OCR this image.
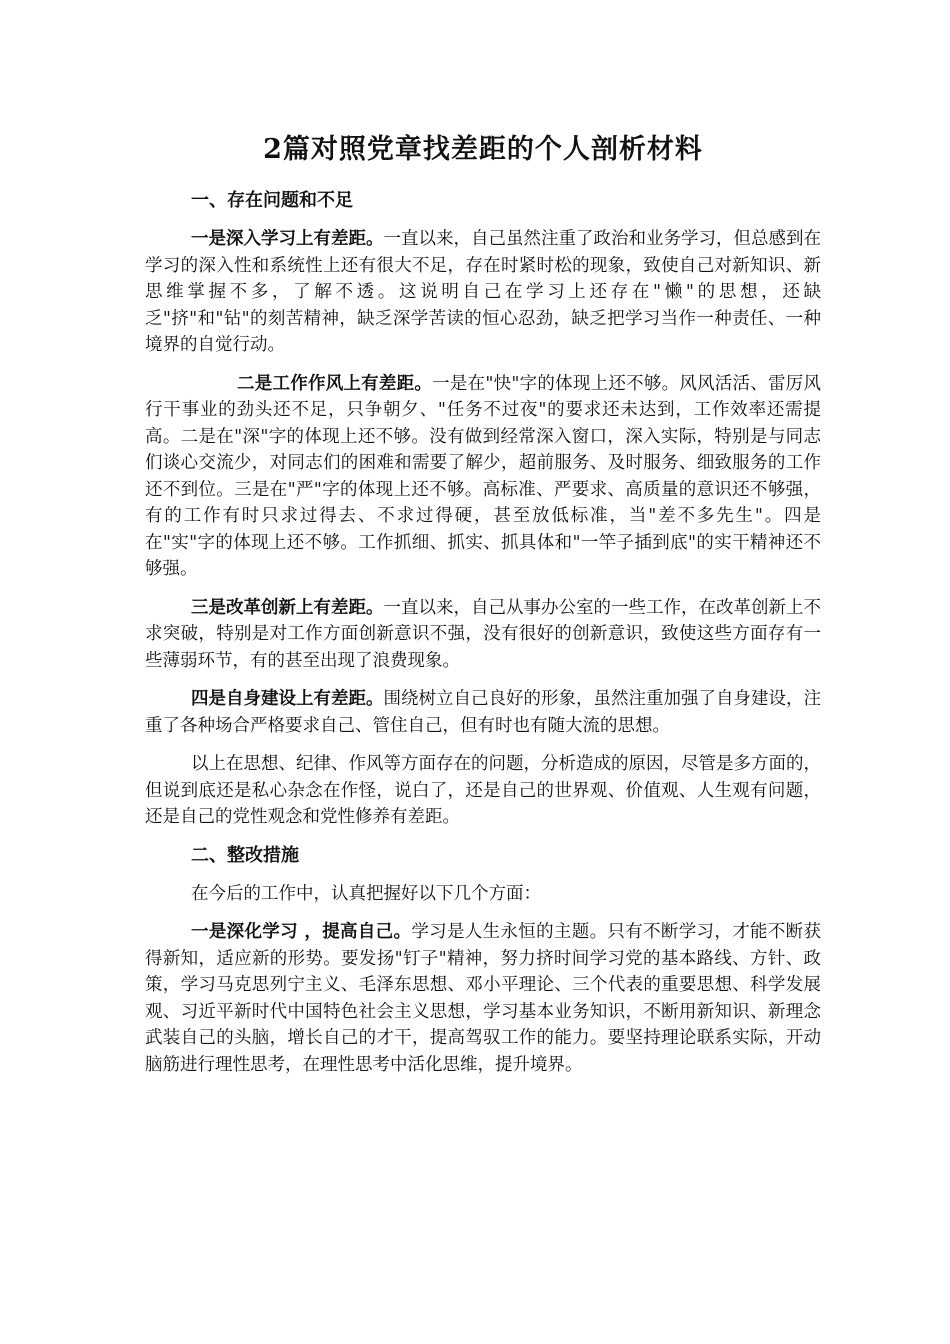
2篇对照党章找差距的个人剖析材料
一、存在问题和不足

一是深入学习上有差距。一直以来，自己虽然注重了政治和业务学习，但总感到在学习的深入性和系统性上还有很大不足，存在时紧时松的现象，致使自己对新知识、新思维掌握不多，了解不透。这说明自己在学习上还存在"懒"的思想，还缺乏"挤"和"钻"的刻苦精神，缺乏深学苦读的恒心忍劲，缺乏把学习当作一种责任、一种境界的自觉行动。

二是工作作风上有差距。一是在"快"字的体现上还不够。风风活活、雷厉风行干事业的劲头还不足，只争朝夕、"任务不过夜"的要求还未达到，工作效率还需提高。二是在"深"字的体现上还不够。没有做到经常深入窗口，深入实际，特别是与同志们谈心交流少，对同志们的困难和需要了解少，超前服务、及时服务、细致服务的工作还不到位。三是在"严"字的体现上还不够。高标准、严要求、高质量的意识还不够强，有的工作有时只求过得去、不求过得硬，甚至放低标准，当"差不多先生"。四是在"实"字的体现上还不够。工作抓细、抓实、抓具体和"一竿子插到底"的实干精神还不够强。

三是改革创新上有差距。一直以来，自己从事办公室的一些工作，在改革创新上不求突破，特别是对工作方面创新意识不强，没有很好的创新意识，致使这些方面存有一些薄弱环节，有的甚至出现了浪费现象。

四是自身建设上有差距。围绕树立自己良好的形象，虽然注重加强了自身建设，注重了各种场合严格要求自己、管住自己，但有时也有随大流的思想。

以上在思想、纪律、作风等方面存在的问题，分析造成的原因，尽管是多方面的，但说到底还是私心杂念在作怪，说白了，还是自己的世界观、价值观、人生观有问题，还是自己的党性观念和党性修养有差距。

二、整改措施

在今后的工作中，认真把握好以下几个方面：

一是深化学习 ，提高自己。学习是人生永恒的主题。只有不断学习，才能不断获得新知，适应新的形势。要发扬"钉子"精神，努力挤时间学习党的基本路线、方针、政策，学习马克思列宁主义、毛泽东思想、邓小平理论、三个代表的重要思想、科学发展观、习近平新时代中国特色社会主义思想，学习基本业务知识，不断用新知识、新理念武装自己的头脑，增长自己的才干，提高驾驭工作的能力。要坚持理论联系实际，开动脑筋进行理性思考，在理性思考中活化思维，提升境界。
